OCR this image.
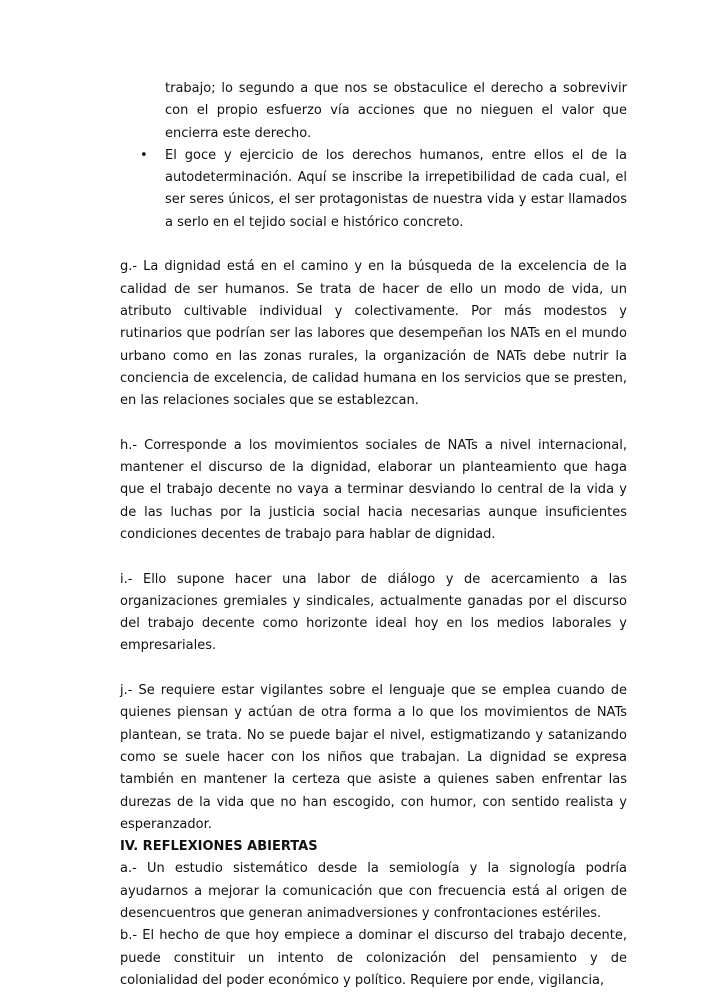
trabajo; lo segundo a que nos se obstaculice el derecho a sobrevivir con el propio esfuerzo vía acciones que no nieguen el valor que encierra este derecho.
• El goce y ejercicio de los derechos humanos, entre ellos el de la autodeterminación. Aquí se inscribe la irrepetibilidad de cada cual, el ser seres únicos, el ser protagonistas de nuestra vida y estar llamados a serlo en el tejido social e histórico concreto.

g.- La dignidad está en el camino y en la búsqueda de la excelencia de la calidad de ser humanos. Se trata de hacer de ello un modo de vida, un atributo cultivable individual y colectivamente. Por más modestos y rutinarios que podrían ser las labores que desempeñan los NATs en el mundo urbano como en las zonas rurales, la organización de NATs debe nutrir la conciencia de excelencia, de calidad humana en los servicios que se presten, en las relaciones sociales que se establezcan.

h.- Corresponde a los movimientos sociales de NATs a nivel internacional, mantener el discurso de la dignidad, elaborar un planteamiento que haga que el trabajo decente no vaya a terminar desviando lo central de la vida y de las luchas por la justicia social hacia necesarias aunque insuficientes condiciones decentes de trabajo para hablar de dignidad.

i.- Ello supone hacer una labor de diálogo y de acercamiento a las organizaciones gremiales y sindicales, actualmente ganadas por el discurso del trabajo decente como horizonte ideal hoy en los medios laborales y empresariales.

j.- Se requiere estar vigilantes sobre el lenguaje que se emplea cuando de quienes piensan y actúan de otra forma a lo que los movimientos de NATs plantean, se trata. No se puede bajar el nivel, estigmatizando y satanizando como se suele hacer con los niños que trabajan. La dignidad se expresa también en mantener la certeza que asiste a quienes saben enfrentar las durezas de la vida que no han escogido, con humor, con sentido realista y esperanzador.

IV. REFLEXIONES ABIERTAS

a.- Un estudio sistemático desde la semiología y la signología podría ayudarnos a mejorar la comunicación que con frecuencia está al origen de desencuentros que generan animadversiones y confrontaciones estériles.

b.- El hecho de que hoy empiece a dominar el discurso del trabajo decente, puede constituir un intento de colonización del pensamiento y de colonialidad del poder económico y político. Requiere por ende, vigilancia,
